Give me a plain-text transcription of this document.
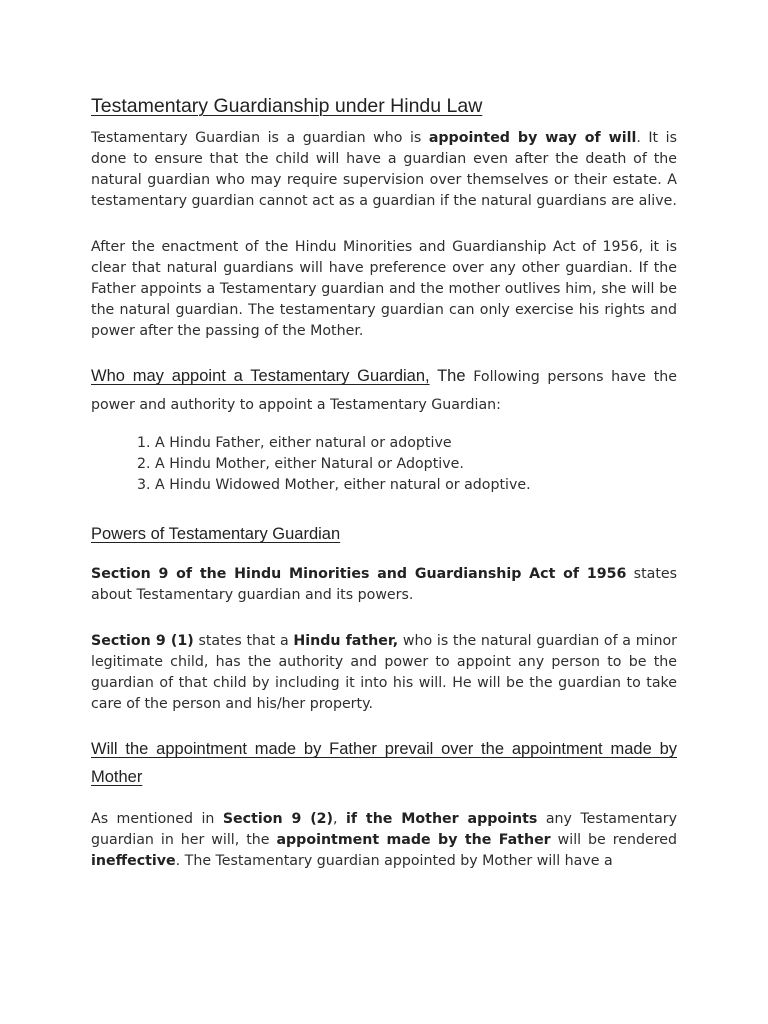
Testamentary Guardianship under Hindu Law

Testamentary Guardian is a guardian who is appointed by way of will. It is done to ensure that the child will have a guardian even after the death of the natural guardian who may require supervision over themselves or their estate. A testamentary guardian cannot act as a guardian if the natural guardians are alive.

After the enactment of the Hindu Minorities and Guardianship Act of 1956, it is clear that natural guardians will have preference over any other guardian. If the Father appoints a Testamentary guardian and the mother outlives him, she will be the natural guardian. The testamentary guardian can only exercise his rights and power after the passing of the Mother.

Who may appoint a Testamentary Guardian, The Following persons have the power and authority to appoint a Testamentary Guardian:

1. A Hindu Father, either natural or adoptive
2. A Hindu Mother, either Natural or Adoptive.
3. A Hindu Widowed Mother, either natural or adoptive.
Powers of Testamentary Guardian

Section 9 of the Hindu Minorities and Guardianship Act of 1956 states about Testamentary guardian and its powers.

Section 9 (1) states that a Hindu father, who is the natural guardian of a minor legitimate child, has the authority and power to appoint any person to be the guardian of that child by including it into his will. He will be the guardian to take care of the person and his/her property.

Will the appointment made by Father prevail over the appointment made by Mother

As mentioned in Section 9 (2), if the Mother appoints any Testamentary guardian in her will, the appointment made by the Father will be rendered ineffective. The Testamentary guardian appointed by Mother will have a
